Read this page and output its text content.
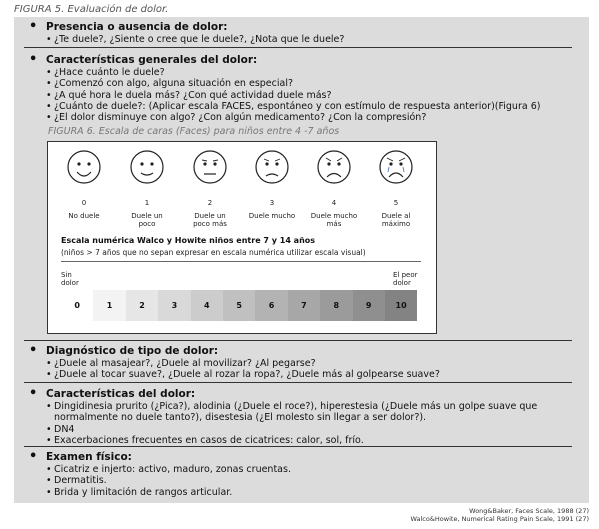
FIGURA 5. Evaluación de dolor.
• Presencia o ausencia de dolor:
• ¿Te duele?, ¿Siente o cree que le duele?, ¿Nota que le duele?
• Características generales del dolor:
• ¿Hace cuánto le duele?
• ¿Comenzó con algo, alguna situación en especial?
• ¿A qué hora le duela más? ¿Con qué actividad duele más?
• ¿Cuánto de duele?: (Aplicar escala FACES, espontáneo y con estímulo de respuesta anterior)(Figura 6)
• ¿El dolor disminuye con algo? ¿Con algún medicamento? ¿Con la compresión?
FIGURA 6. Escala de caras (Faces) para niños entre 4 -7 años
0
No duele
1
Duele un poco
2
Duele un poco más
3
Duele mucho
4
Duele mucho más
5
Duele al máximo
Escala numérica Walco y Howite niños entre 7 y 14 años
(niños > 7 años que no sepan expresar en escala numérica utilizar escala visual)
Sin dolor
El peor dolor
0	1	2	3	4	5	6	7	8	9	10
• Diagnóstico de tipo de dolor:
• ¿Duele al masajear?, ¿Duele al movilizar? ¿Al pegarse?
• ¿Duele al tocar suave?, ¿Duele al rozar la ropa?, ¿Duele más al golpearse suave?
• Características del dolor:
• Dingidinesia prurito (¿Pica?), alodinia (¿Duele el roce?), hiperestesia (¿Duele más un golpe suave que normalmente no duele tanto?), disestesia (¿El molesto sin llegar a ser dolor?).
• DN4
• Exacerbaciones frecuentes en casos de cicatrices: calor, sol, frío.
• Examen físico:
• Cicatriz e injerto: activo, maduro, zonas cruentas.
• Dermatitis.
• Brida y limitación de rangos articular.
Wong&Baker, Faces Scale, 1988 (27)
Walco&Howite, Numerical Rating Pain Scale, 1991 (27)
